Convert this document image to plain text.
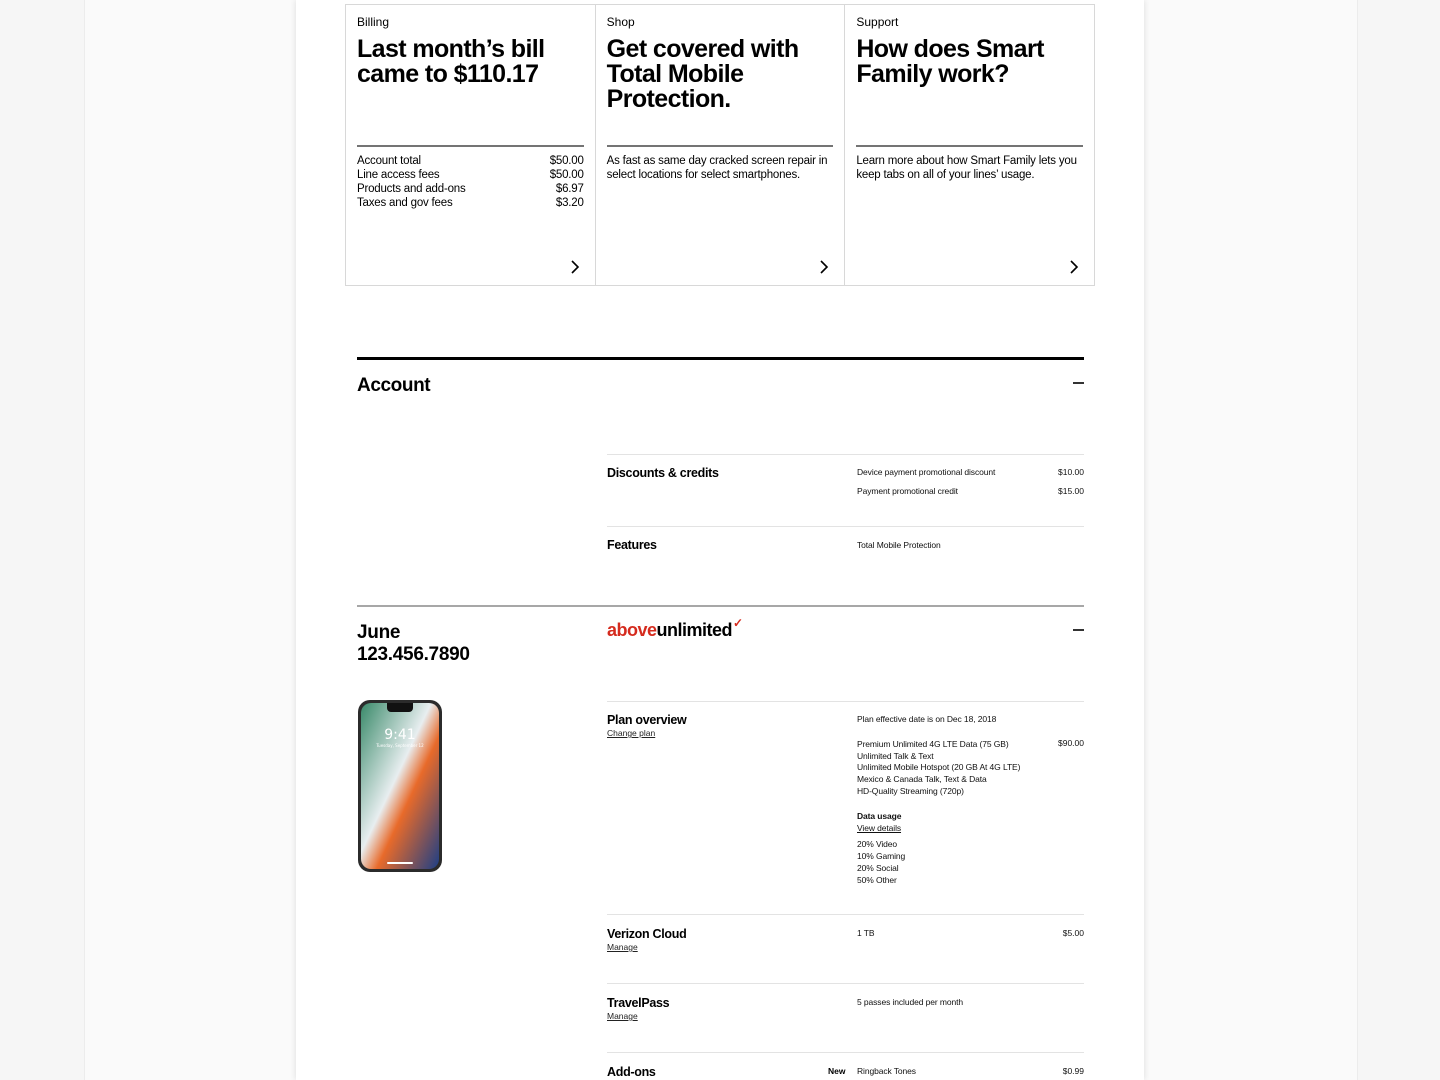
Billing

Last month’s bill came to $110.17
Account total	$50.00
Line access fees	$50.00
Products and add-ons	$6.97
Taxes and gov fees	$3.20

Shop

Get covered with Total Mobile Protection.
As fast as same day cracked screen repair in select locations for select smartphones.

Support

How does Smart Family work?
Learn more about how Smart Family lets you keep tabs on all of your lines’ usage.
Account
Discounts & credits	Device payment promotional discount	$10.00
Payment promotional credit	$15.00
Features	Total Mobile Protection
June
123.456.7890
aboveunlimited✓
9:41
Tuesday, September 12
Plan overview
Change plan
Plan effective date is on Dec 18, 2018
Premium Unlimited 4G LTE Data (75 GB)
Unlimited Talk & Text
Unlimited Mobile Hotspot (20 GB At 4G LTE)
Mexico & Canada Talk, Text & Data
HD-Quality Streaming (720p)
$90.00
Data usage
View details
20% Video
10% Gaming
20% Social
50% Other
Verizon Cloud
Manage
1 TB	$5.00
TravelPass
Manage
5 passes included per month
Add-ons	New Ringback Tones	$0.99
